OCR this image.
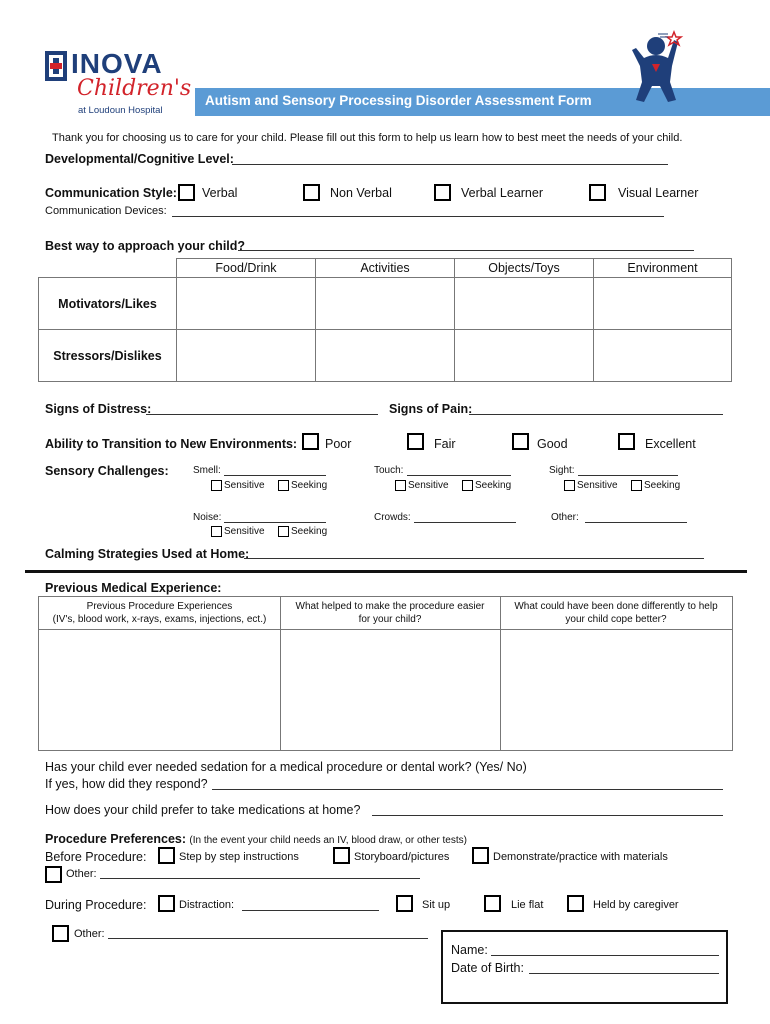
INOVA
Children's
at Loudoun Hospital
Autism and Sensory Processing Disorder Assessment Form
Thank you for choosing us to care for your child. Please fill out this form to help us learn how to best meet the needs of your child.
Developmental/Cognitive Level:
Communication Style: Verbal	Non Verbal	Verbal Learner	Visual Learner
Communication Devices:
Best way to approach your child?
	Food/Drink	Activities	Objects/Toys	Environment
Motivators/Likes				
Stressors/Dislikes				
Signs of Distress:	Signs of Pain:
Ability to Transition to New Environments: Poor	Fair	Good	Excellent
Sensory Challenges: Smell:
Sensitive	Seeking
Touch:
Sensitive	Seeking
Sight:
Sensitive	Seeking
Noise:
Sensitive	Seeking
Crowds:	Other:
Calming Strategies Used at Home:
Previous Medical Experience:
Previous Procedure Experiences
(IV's, blood work, x-rays, exams, injections, ect.)
What helped to make the procedure easier
for your child?
What could have been done differently to help
your child cope better?
Has your child ever needed sedation for a medical procedure or dental work? (Yes/ No)
If yes, how did they respond?
How does your child prefer to take medications at home?
Procedure Preferences: (In the event your child needs an IV, blood draw, or other tests)
Before Procedure:	Step by step instructions	Storyboard/pictures	Demonstrate/practice with materials
Other:
During Procedure:	Distraction:	Sit up	Lie flat	Held by caregiver
Other:
Name:
Date of Birth:
